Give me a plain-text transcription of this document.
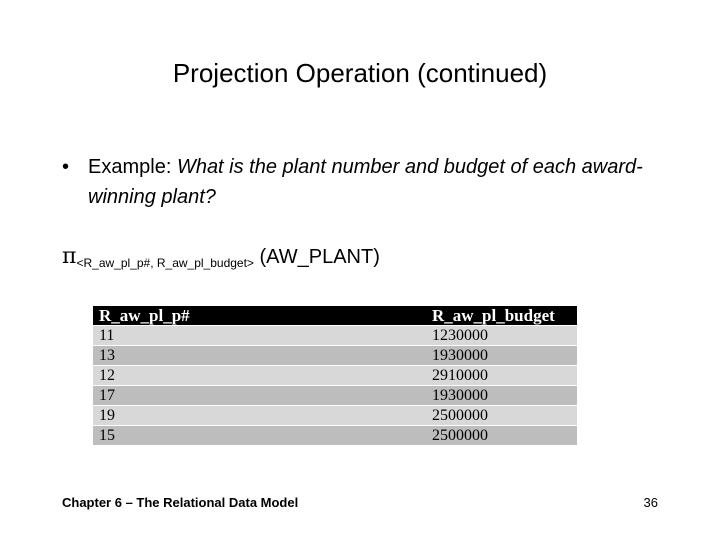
Projection Operation (continued)
• Example: What is the plant number and budget of each award-winning plant?
$\pi_{<R\_aw\_pl\_p\#, R\_aw\_pl\_budget>}$ (AW_PLANT)
R_aw_pl_p#	R_aw_pl_budget
11	1230000
13	1930000
12	2910000
17	1930000
19	2500000
15	2500000
Chapter 6 – The Relational Data Model	36
